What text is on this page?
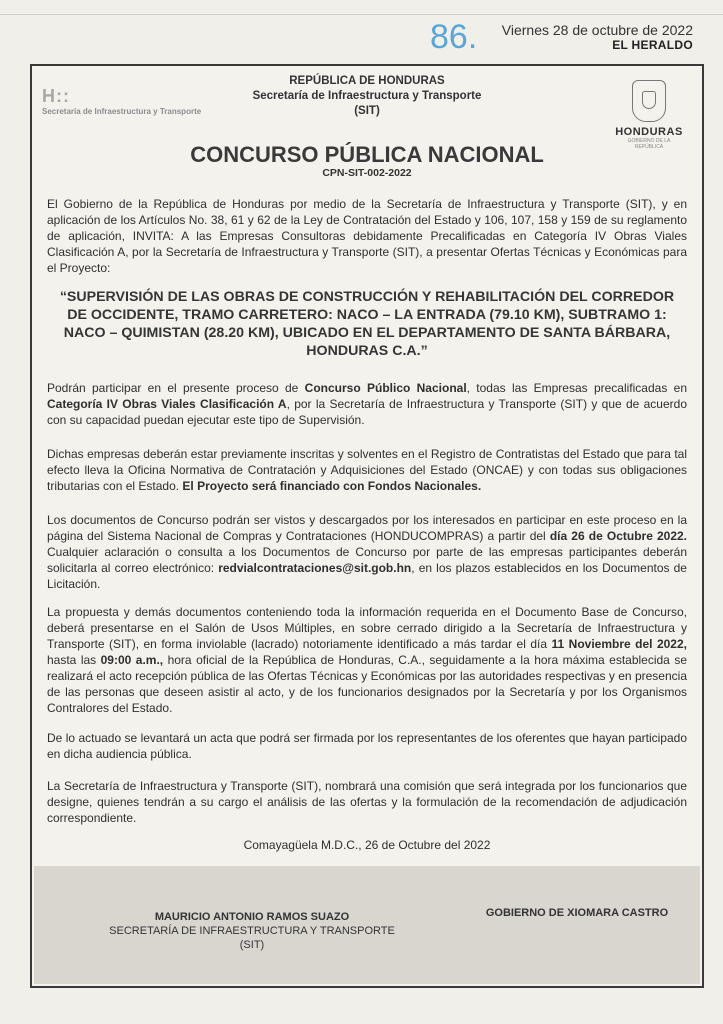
86. Viernes 28 de octubre de 2022
EL HERALDO
H::
Secretaría de Infraestructura y Transporte
HONDURAS
GOBIERNO DE LA REPÚBLICA
REPÚBLICA DE HONDURAS
Secretaría de Infraestructura y Transporte
(SIT)
CONCURSO PÚBLICA NACIONAL
CPN-SIT-002-2022
El Gobierno de la República de Honduras por medio de la Secretaría de Infraestructura y Transporte (SIT), y en aplicación de los Artículos No. 38, 61 y 62 de la Ley de Contratación del Estado y 106, 107, 158 y 159 de su reglamento de aplicación, INVITA: A las Empresas Consultoras debidamente Precalificadas en Categoría IV Obras Viales Clasificación A, por la Secretaría de Infraestructura y Transporte (SIT), a presentar Ofertas Técnicas y Económicas para el Proyecto:
“SUPERVISIÓN DE LAS OBRAS DE CONSTRUCCIÓN Y REHABILITACIÓN DEL CORREDOR DE OCCIDENTE, TRAMO CARRETERO: NACO – LA ENTRADA (79.10 KM), SUBTRAMO 1: NACO – QUIMISTAN (28.20 KM), UBICADO EN EL DEPARTAMENTO DE SANTA BÁRBARA, HONDURAS C.A.”
Podrán participar en el presente proceso de Concurso Público Nacional, todas las Empresas precalificadas en Categoría IV Obras Viales Clasificación A, por la Secretaría de Infraestructura y Transporte (SIT) y que de acuerdo con su capacidad puedan ejecutar este tipo de Supervisión.
Dichas empresas deberán estar previamente inscritas y solventes en el Registro de Contratistas del Estado que para tal efecto lleva la Oficina Normativa de Contratación y Adquisiciones del Estado (ONCAE) y con todas sus obligaciones tributarias con el Estado. El Proyecto será financiado con Fondos Nacionales.
Los documentos de Concurso podrán ser vistos y descargados por los interesados en participar en este proceso en la página del Sistema Nacional de Compras y Contrataciones (HONDUCOMPRAS) a partir del día 26 de Octubre 2022. Cualquier aclaración o consulta a los Documentos de Concurso por parte de las empresas participantes deberán solicitarla al correo electrónico: redvialcontrataciones@sit.gob.hn, en los plazos establecidos en los Documentos de Licitación.
La propuesta y demás documentos conteniendo toda la información requerida en el Documento Base de Concurso, deberá presentarse en el Salón de Usos Múltiples, en sobre cerrado dirigido a la Secretaría de Infraestructura y Transporte (SIT), en forma inviolable (lacrado) notoriamente identificado a más tardar el día 11 Noviembre del 2022, hasta las 09:00 a.m., hora oficial de la República de Honduras, C.A., seguidamente a la hora máxima establecida se realizará el acto recepción pública de las Ofertas Técnicas y Económicas por las autoridades respectivas y en presencia de las personas que deseen asistir al acto, y de los funcionarios designados por la Secretaría y por los Organismos Contralores del Estado.
De lo actuado se levantará un acta que podrá ser firmada por los representantes de los oferentes que hayan participado en dicha audiencia pública.
La Secretaría de Infraestructura y Transporte (SIT), nombrará una comisión que será integrada por los funcionarios que designe, quienes tendrán a su cargo el análisis de las ofertas y la formulación de la recomendación de adjudicación correspondiente.
Comayagüela M.D.C., 26 de Octubre del 2022
MAURICIO ANTONIO RAMOS SUAZO
SECRETARÍA DE INFRAESTRUCTURA Y TRANSPORTE
(SIT)
GOBIERNO DE XIOMARA CASTRO
